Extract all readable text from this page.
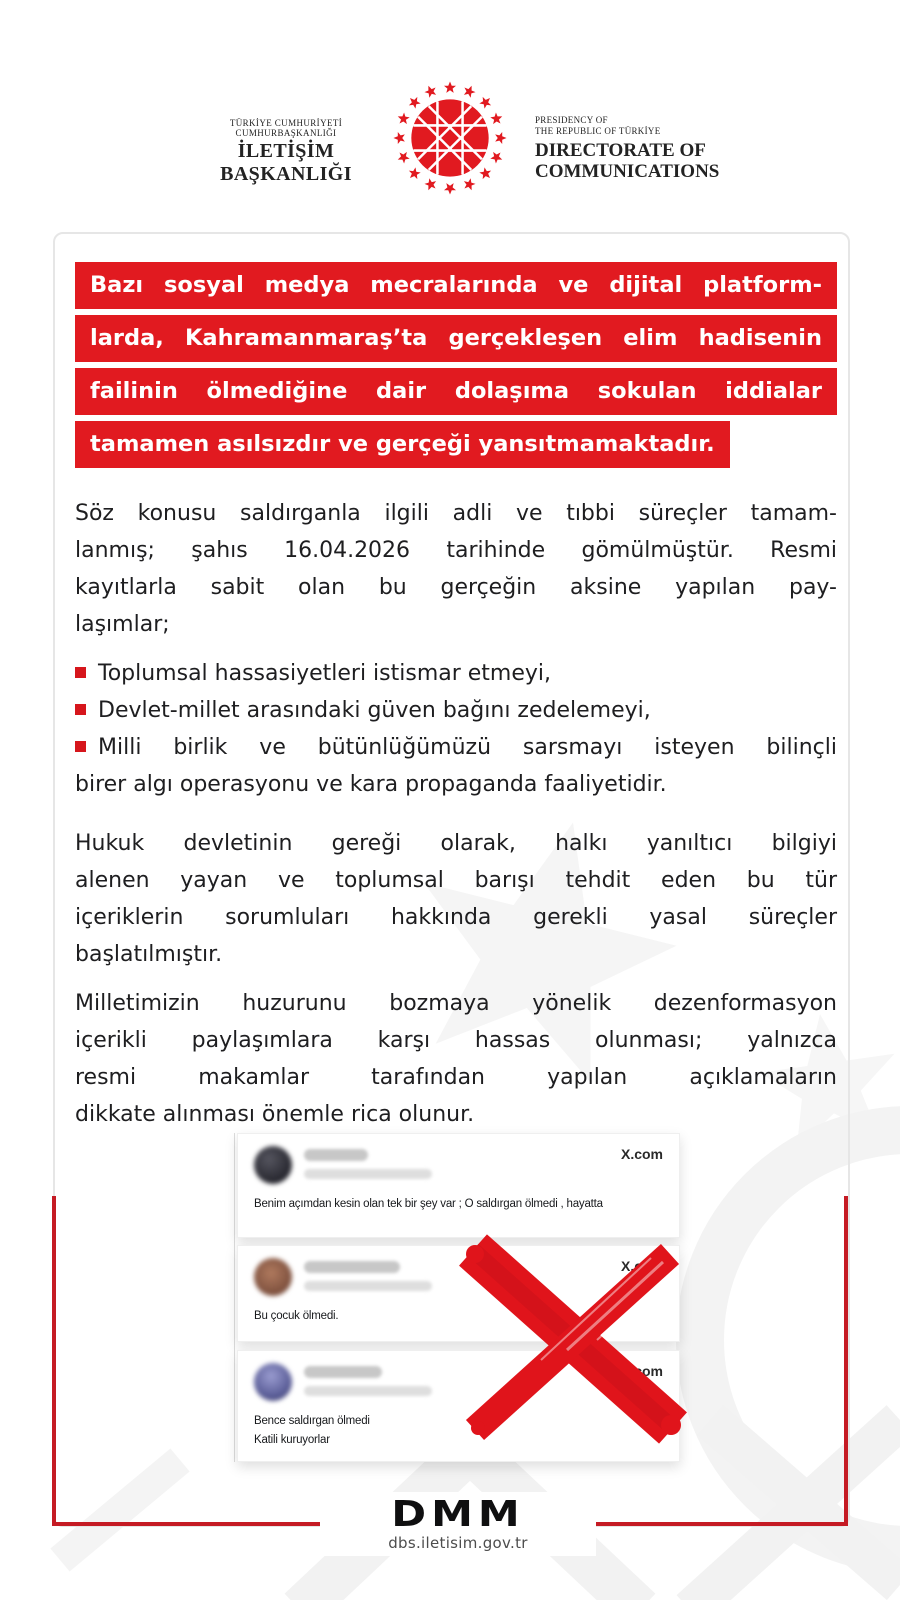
TÜRKİYE CUMHURİYETİ CUMHURBAŞKANLIĞI
İLETİŞİM BAŞKANLIĞI
PRESIDENCY OF
THE REPUBLIC OF TÜRKİYE
DIRECTORATE OF
COMMUNICATIONS
Bazı sosyal medya mecralarında ve dijital platform-
larda, Kahramanmaraş’ta gerçekleşen elim hadisenin
failinin ölmediğine dair dolaşıma sokulan iddialar
tamamen asılsızdır ve gerçeği yansıtmamaktadır.
Söz konusu saldırganla ilgili adli ve tıbbi süreçler tamam-
lanmış; şahıs 16.04.2026 tarihinde gömülmüştür. Resmi
kayıtlarla sabit olan bu gerçeğin aksine yapılan pay-
laşımlar;
Toplumsal hassasiyetleri istismar etmeyi,
Devlet-millet arasındaki güven bağını zedelemeyi,
Milli birlik ve bütünlüğümüzü sarsmayı isteyen bilinçli
birer algı operasyonu ve kara propaganda faaliyetidir.
Hukuk devletinin gereği olarak, halkı yanıltıcı bilgiyi
alenen yayan ve toplumsal barışı tehdit eden bu tür
içeriklerin sorumluları hakkında gerekli yasal süreçler
başlatılmıştır.
Milletimizin huzurunu bozmaya yönelik dezenformasyon
içerikli paylaşımlara karşı hassas olunması; yalnızca
resmi makamlar tarafından yapılan açıklamaların
dikkate alınması önemle rica olunur.
X.com
Benim açımdan kesin olan tek bir şey var ; O saldırgan ölmedi , hayatta
X.com
Bu çocuk ölmedi.
X.com
Bence saldırgan ölmedi
Katili kuruyorlar
DMM
dbs.iletisim.gov.tr
